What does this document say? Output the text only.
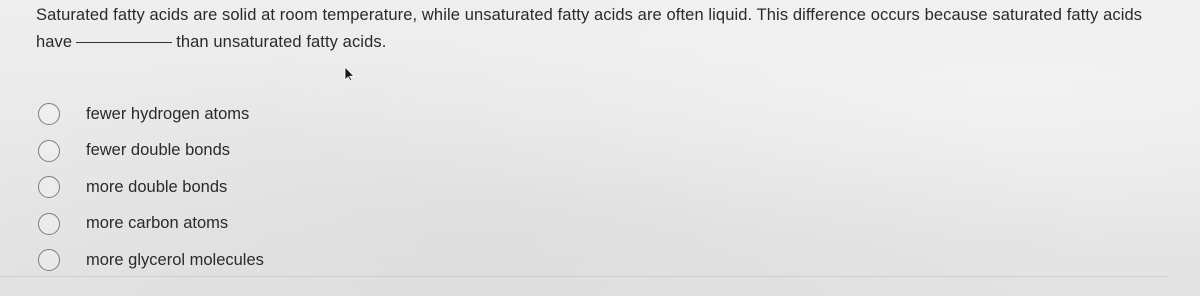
Saturated fatty acids are solid at room temperature, while unsaturated fatty acids are often liquid. This difference occurs because saturated fatty acids have	than unsaturated fatty acids.
fewer hydrogen atoms
fewer double bonds
more double bonds
more carbon atoms
more glycerol molecules
